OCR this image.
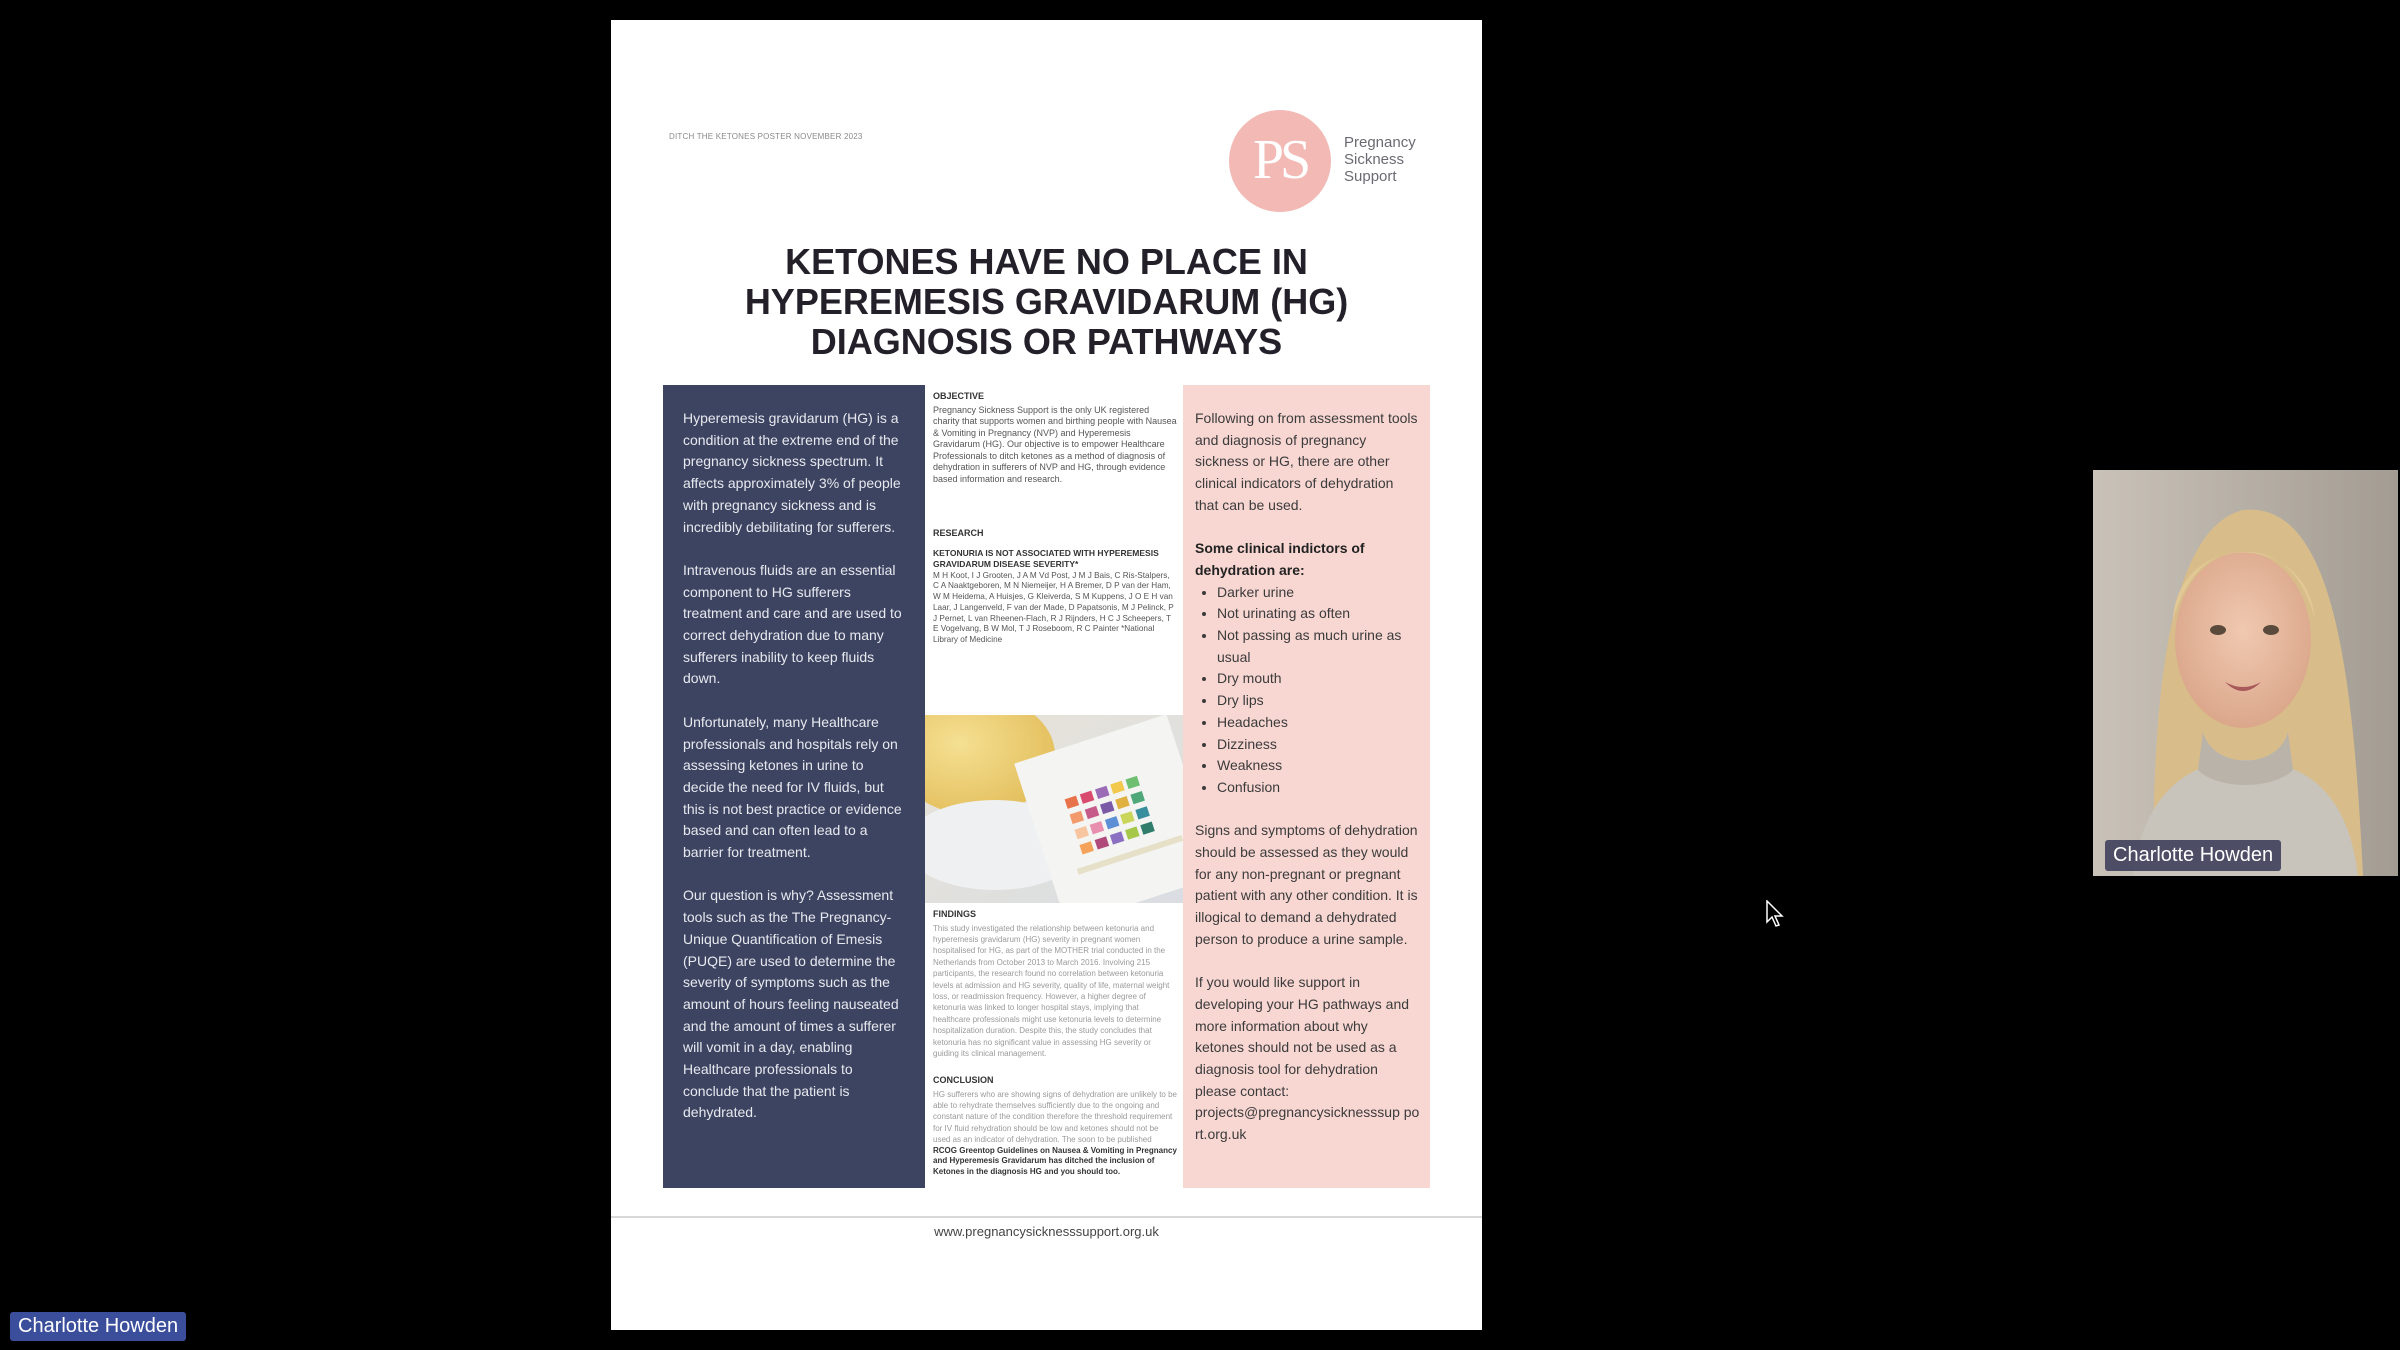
DITCH THE KETONES POSTER NOVEMBER 2023	PS	Pregnancy
Sickness
Support
KETONES HAVE NO PLACE IN
HYPEREMESIS GRAVIDARUM (HG)
DIAGNOSIS OR PATHWAYS

Hyperemesis gravidarum (HG) is a condition at the extreme end of the pregnancy sickness spectrum. It affects approximately 3% of people with pregnancy sickness and is incredibly debilitating for sufferers.

Intravenous fluids are an essential component to HG sufferers treatment and care and are used to correct dehydration due to many sufferers inability to keep fluids down.

Unfortunately, many Healthcare professionals and hospitals rely on assessing ketones in urine to decide the need for IV fluids, but this is not best practice or evidence based and can often lead to a barrier for treatment.

Our question is why? Assessment tools such as the The Pregnancy-Unique Quantification of Emesis (PUQE) are used to determine the severity of symptoms such as the amount of hours feeling nauseated and the amount of times a sufferer will vomit in a day, enabling Healthcare professionals to conclude that the patient is dehydrated.

OBJECTIVE
Pregnancy Sickness Support is the only UK registered charity that supports women and birthing people with Nausea & Vomiting in Pregnancy (NVP) and Hyperemesis Gravidarum (HG). Our objective is to empower Healthcare Professionals to ditch ketones as a method of diagnosis of dehydration in sufferers of NVP and HG, through evidence based information and research.
RESEARCH
KETONURIA IS NOT ASSOCIATED WITH HYPEREMESIS GRAVIDARUM DISEASE SEVERITY*
M H Koot, I J Grooten, J A M Vd Post, J M J Bais, C Ris-Stalpers, C A Naaktgeboren, M N Niemeijer, H A Bremer, D P van der Ham, W M Heidema, A Huisjes, G Kleiverda, S M Kuppens, J O E H van Laar, J Langenveld, F van der Made, D Papatsonis, M J Pelinck, P J Pernet, L van Rheenen-Flach, R J Rijnders, H C J Scheepers, T E Vogelvang, B W Mol, T J Roseboom, R C Painter *National Library of Medicine
FINDINGS
This study investigated the relationship between ketonuria and hyperemesis gravidarum (HG) severity in pregnant women hospitalised for HG, as part of the MOTHER trial conducted in the Netherlands from October 2013 to March 2016. Involving 215 participants, the research found no correlation between ketonuria levels at admission and HG severity, quality of life, maternal weight loss, or readmission frequency. However, a higher degree of ketonuria was linked to longer hospital stays, implying that healthcare professionals might use ketonuria levels to determine hospitalization duration. Despite this, the study concludes that ketonuria has no significant value in assessing HG severity or guiding its clinical management.
CONCLUSION
HG sufferers who are showing signs of dehydration are unlikely to be able to rehydrate themselves sufficiently due to the ongoing and constant nature of the condition therefore the threshold requirement for IV fluid rehydration should be low and ketones should not be used as an indicator of dehydration. The soon to be published
RCOG Greentop Guidelines on Nausea & Vomiting in Pregnancy and Hyperemesis Gravidarum has ditched the inclusion of Ketones in the diagnosis HG and you should too.

Following on from assessment tools and diagnosis of pregnancy sickness or HG, there are other clinical indicators of dehydration that can be used.

Some clinical indictors of dehydration are:

• Darker urine
• Not urinating as often
• Not passing as much urine as usual
• Dry mouth
• Dry lips
• Headaches
• Dizziness
• Weakness
• Confusion

Signs and symptoms of dehydration should be assessed as they would for any non-pregnant or pregnant patient with any other condition. It is illogical to demand a dehydrated person to produce a urine sample.

If you would like support in developing your HG pathways and more information about why ketones should not be used as a diagnosis tool for dehydration please contact:

projects@pregnancysicknesssup port.org.uk

www.pregnancysicknesssupport.org.uk
Charlotte Howden
Charlotte Howden
